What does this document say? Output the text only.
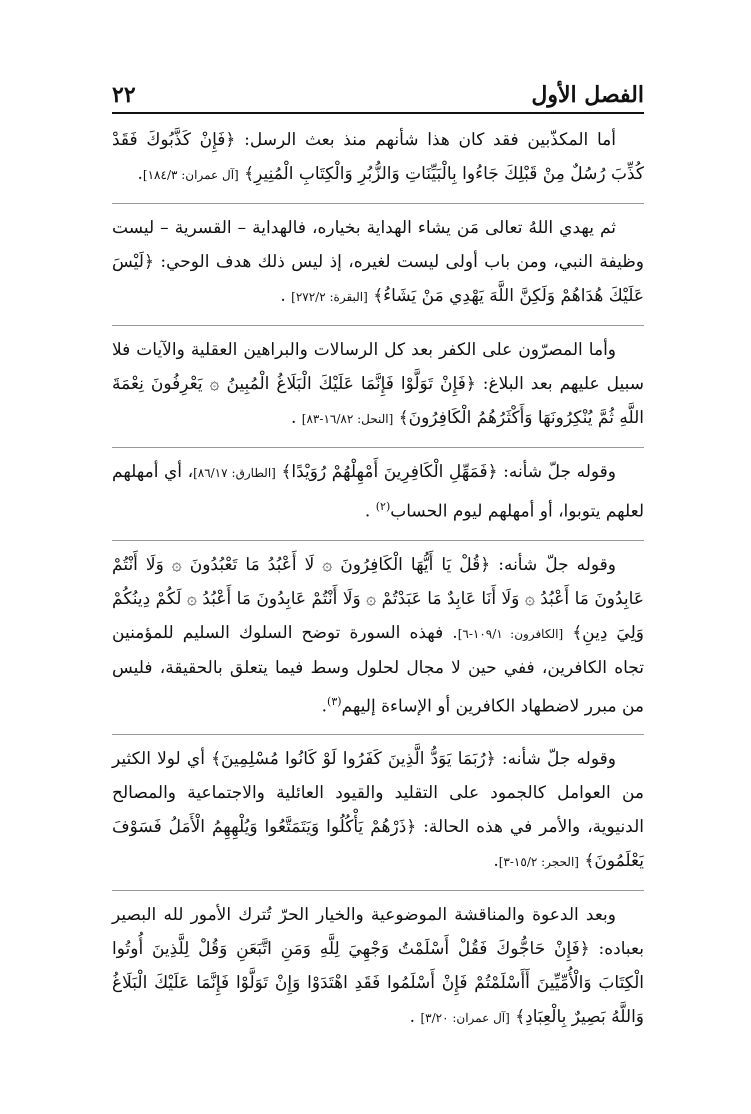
٢٢	الفصل الأول

أما المكذّبين فقد كان هذا شأنهم منذ بعث الرسل: ﴿فَإِنْ كَذَّبُوكَ فَقَدْ كُذِّبَ رُسُلٌ مِنْ قَبْلِكَ جَاءُوا بِالْبَيِّنَاتِ وَالزُّبُرِ وَالْكِتَابِ الْمُنِيرِ﴾ [آل عمران: ١٨٤/٣].

ثم يهدي اللهُ تعالى مَن يشاء الهداية بخياره، فالهداية – القسرية – ليست وظيفة النبي، ومن باب أولى ليست لغيره، إذ ليس ذلك هدف الوحي: ﴿لَيْسَ عَلَيْكَ هُدَاهُمْ وَلَكِنَّ اللَّهَ يَهْدِي مَنْ يَشَاءُ﴾ [البقرة: ٢٧٢/٢] .

وأما المصرّون على الكفر بعد كل الرسالات والبراهين العقلية والآيات فلا سبيل عليهم بعد البلاغ: ﴿فَإِنْ تَوَلَّوْا فَإِنَّمَا عَلَيْكَ الْبَلَاغُ الْمُبِينُ ۞ يَعْرِفُونَ نِعْمَةَ اللَّهِ ثُمَّ يُنْكِرُونَهَا وَأَكْثَرُهُمُ الْكَافِرُونَ﴾ [النحل: ١٦/٨٢-٨٣] .

وقوله جلّ شأنه: ﴿فَمَهِّلِ الْكَافِرِينَ أَمْهِلْهُمْ رُوَيْدًا﴾ [الطارق: ٨٦/١٧]، أي أمهلهم لعلهم يتوبوا، أو أمهلهم ليوم الحساب$^{(٢)}$ .

وقوله جلّ شأنه: ﴿قُلْ يَا أَيُّهَا الْكَافِرُونَ ۞ لَا أَعْبُدُ مَا تَعْبُدُونَ ۞ وَلَا أَنْتُمْ عَابِدُونَ مَا أَعْبُدُ ۞ وَلَا أَنَا عَابِدٌ مَا عَبَدْتُمْ ۞ وَلَا أَنْتُمْ عَابِدُونَ مَا أَعْبُدُ ۞ لَكُمْ دِينُكُمْ وَلِيَ دِينِ﴾ [الكافرون: ١٠٩/١-٦]. فهذه السورة توضح السلوك السليم للمؤمنين تجاه الكافرين، ففي حين لا مجال لحلول وسط فيما يتعلق بالحقيقة، فليس من مبرر لاضطهاد الكافرين أو الإساءة إليهم$^{(٣)}$.

وقوله جلّ شأنه: ﴿رُبَمَا يَوَدُّ الَّذِينَ كَفَرُوا لَوْ كَانُوا مُسْلِمِينَ﴾ أي لولا الكثير من العوامل كالجمود على التقليد والقيود العائلية والاجتماعية والمصالح الدنيوية، والأمر في هذه الحالة: ﴿ذَرْهُمْ يَأْكُلُوا وَيَتَمَتَّعُوا وَيُلْهِهِمُ الْأَمَلُ فَسَوْفَ يَعْلَمُونَ﴾ [الحجر: ١٥/٢-٣].

وبعد الدعوة والمناقشة الموضوعية والخيار الحرّ تُترك الأمور لله البصير بعباده: ﴿فَإِنْ حَاجُّوكَ فَقُلْ أَسْلَمْتُ وَجْهِيَ لِلَّهِ وَمَنِ اتَّبَعَنِ وَقُلْ لِلَّذِينَ أُوتُوا الْكِتَابَ وَالْأُمِّيِّينَ أَأَسْلَمْتُمْ فَإِنْ أَسْلَمُوا فَقَدِ اهْتَدَوْا وَإِنْ تَوَلَّوْا فَإِنَّمَا عَلَيْكَ الْبَلَاغُ وَاللَّهُ بَصِيرٌ بِالْعِبَادِ﴾ [آل عمران: ٣/٢٠] .
